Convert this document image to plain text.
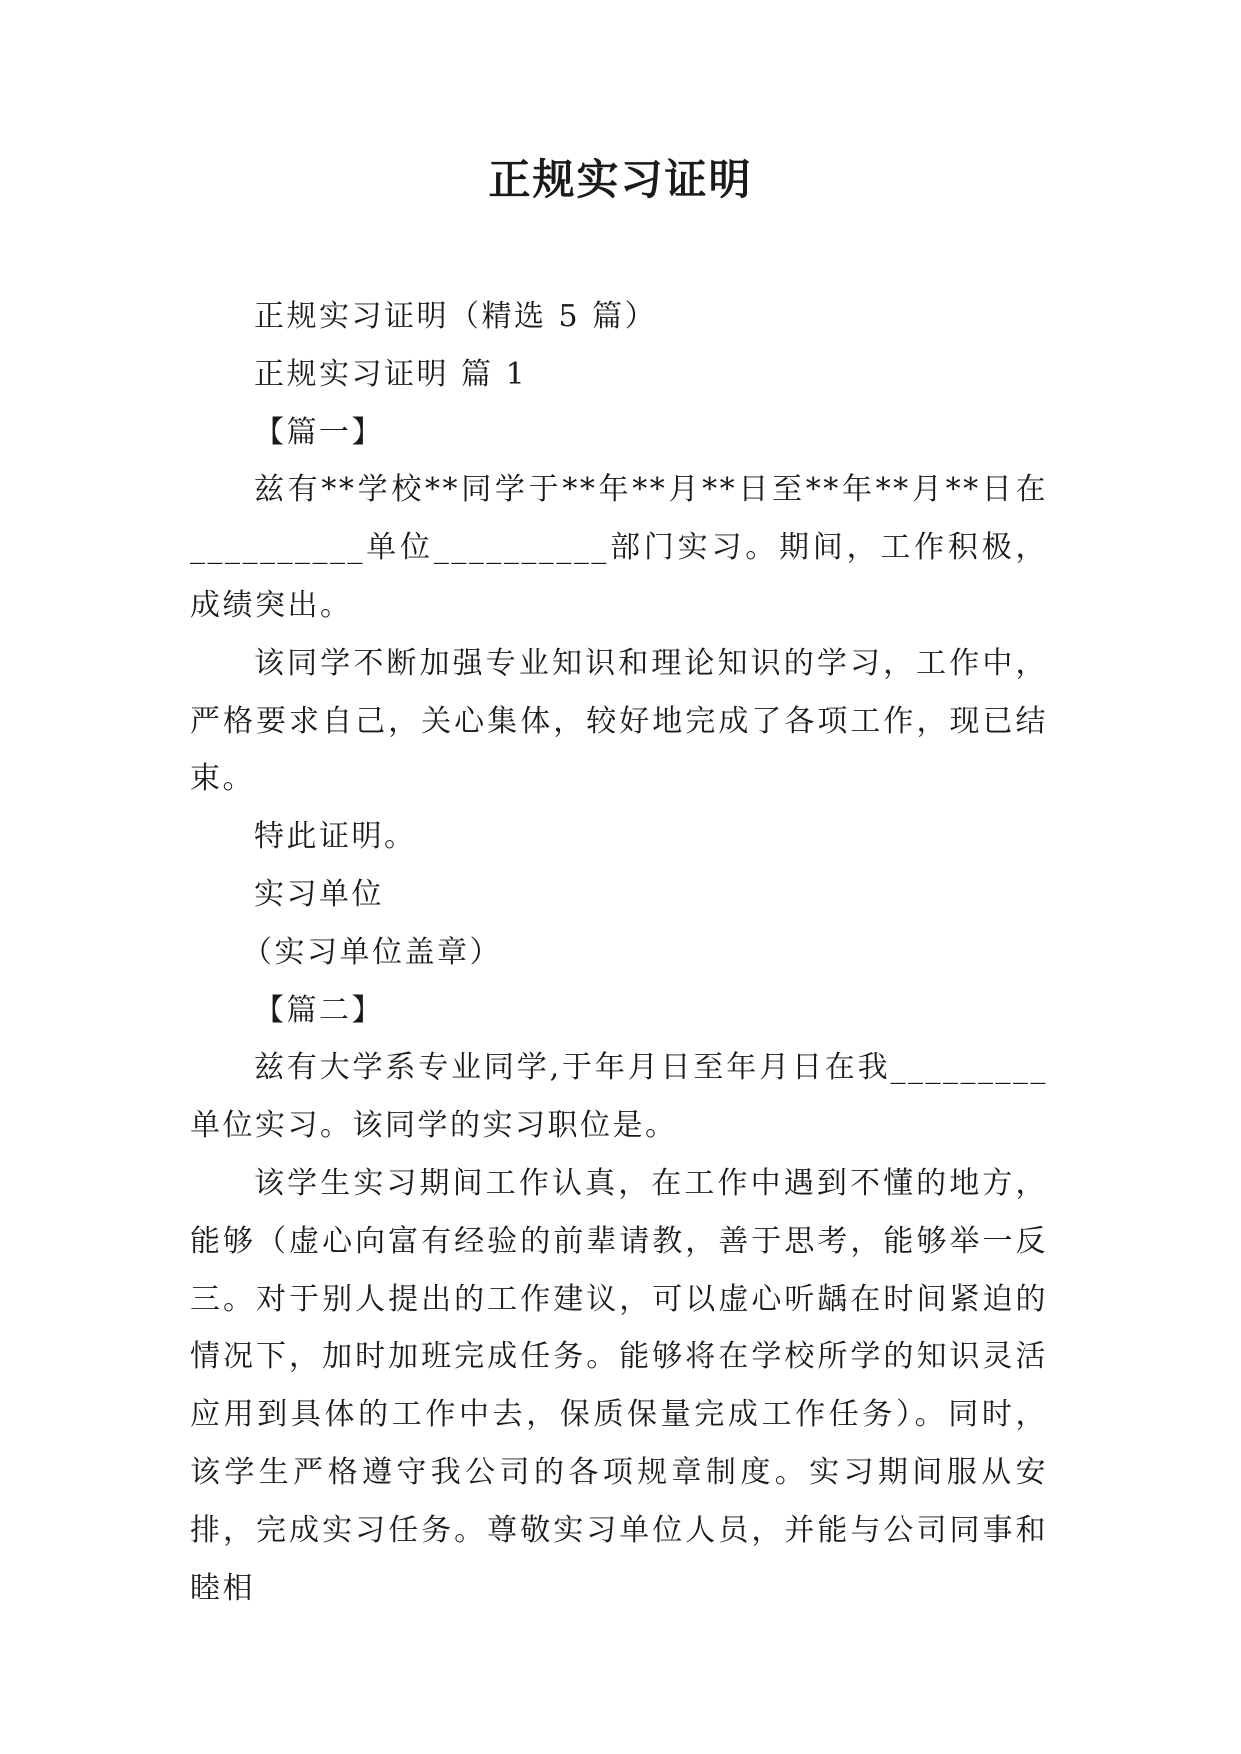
正规实习证明

正规实习证明（精选 5 篇）

正规实习证明 篇 1

【篇一】

兹有**学校**同学于**年**月**日至**年**月**日在__________单位__________部门实习。期间，工作积极，成绩突出。

该同学不断加强专业知识和理论知识的学习，工作中，严格要求自己，关心集体，较好地完成了各项工作，现已结束。

特此证明。

实习单位

（实习单位盖章）

【篇二】

兹有大学系专业同学,于年月日至年月日在我_________单位实习。该同学的实习职位是。

该学生实习期间工作认真，在工作中遇到不懂的地方，能够（虚心向富有经验的前辈请教，善于思考，能够举一反三。对于别人提出的工作建议，可以虚心听龋在时间紧迫的情况下，加时加班完成任务。能够将在学校所学的知识灵活应用到具体的工作中去，保质保量完成工作任务）。同时，该学生严格遵守我公司的各项规章制度。实习期间服从安排，完成实习任务。尊敬实习单位人员，并能与公司同事和睦相
